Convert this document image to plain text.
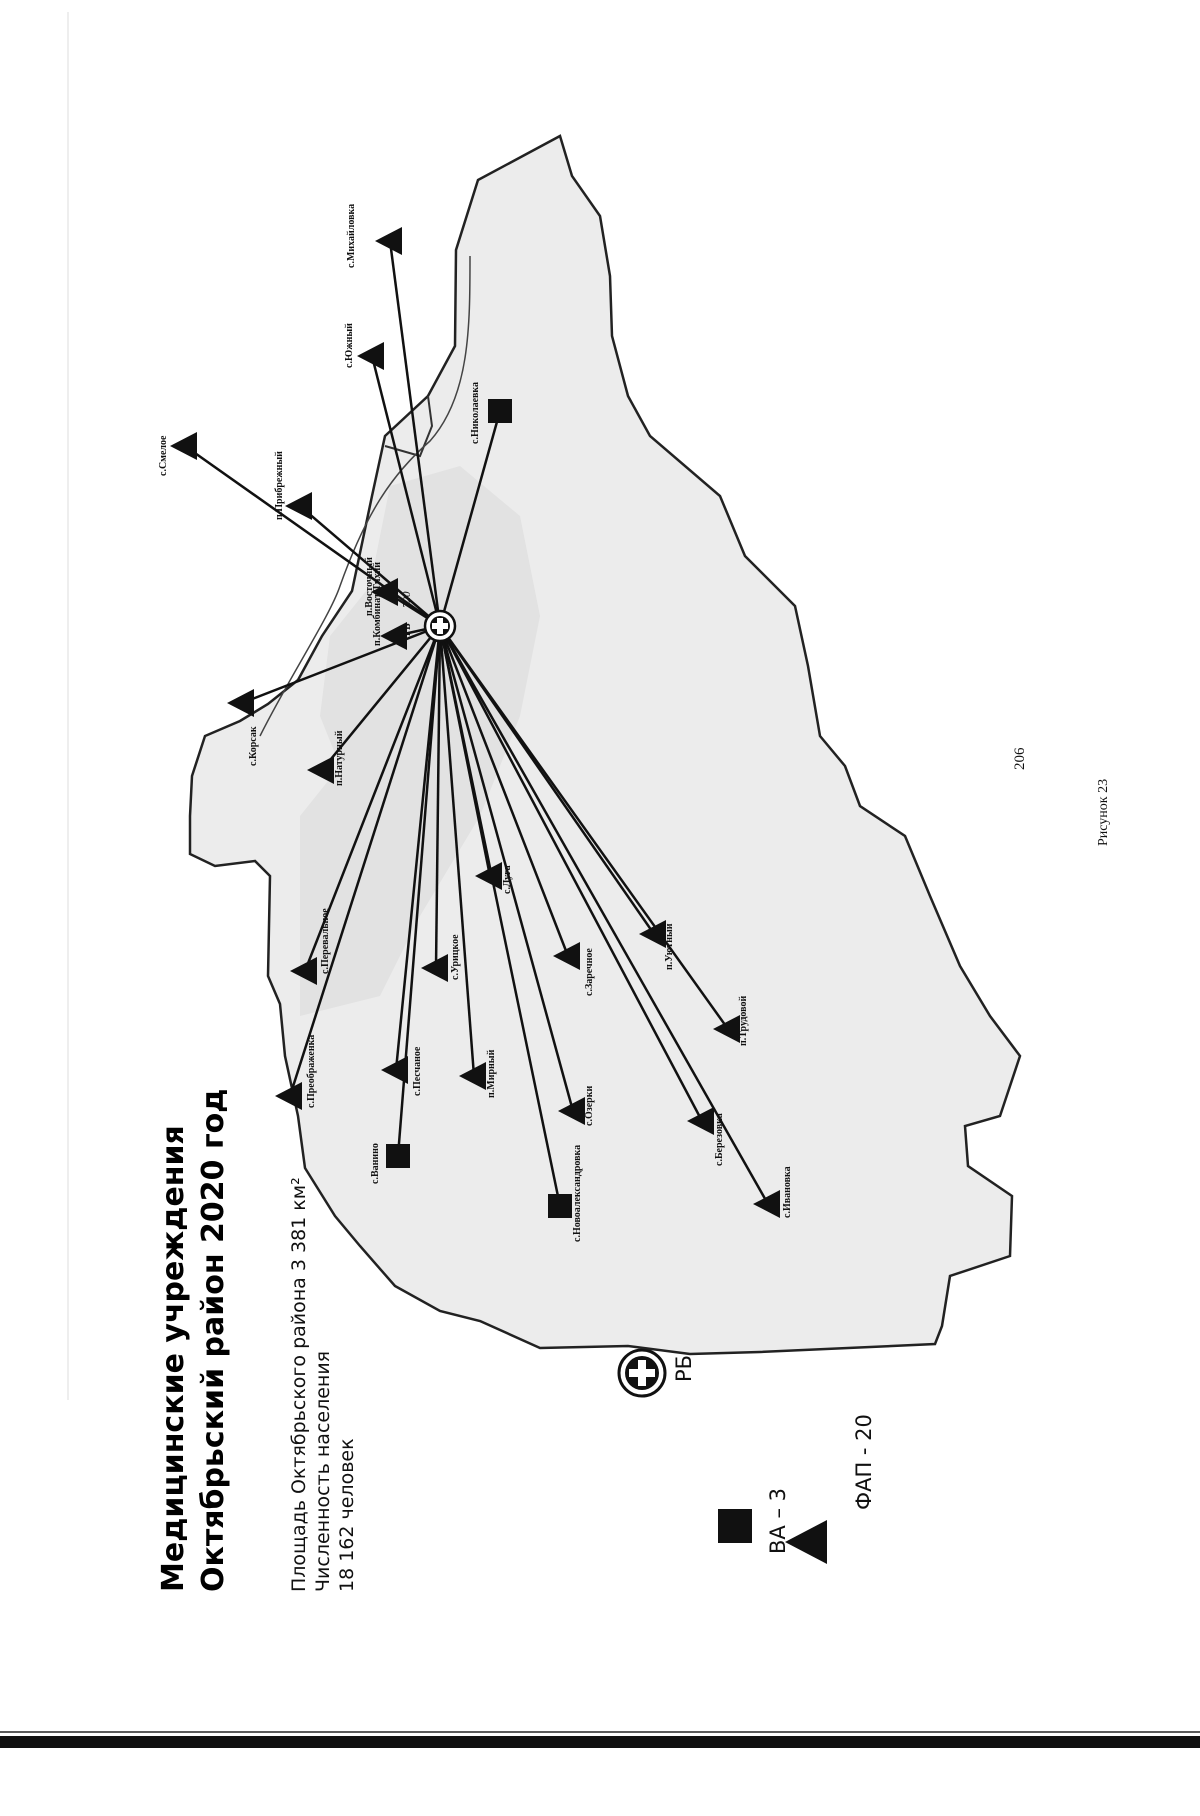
Медицинские учреждения Октябрьский район 2020 год	Площадь Октябрьского района 3 381 км² Численность населения 18 162 человек
РБ
ВА – 3
ФАП - 20
206
Рисунок 23
с.Михайловка
с.Смелое	п.Прибрежный
с.Южный
с.Николаевка
п.Восточный
п.Комбинат Тихий
с.Корсак	п.Натурный
с.Перевальное
с.Преображенка
с.Ванино
с.Песчаное
с.Урицкое
п.Мирный
с.Луга
с.Озерки
с.Новоалександровка
с.Заречное
п.Уютный
п.Трудовой
с.Березовка
с.Ивановка
РБ
720
